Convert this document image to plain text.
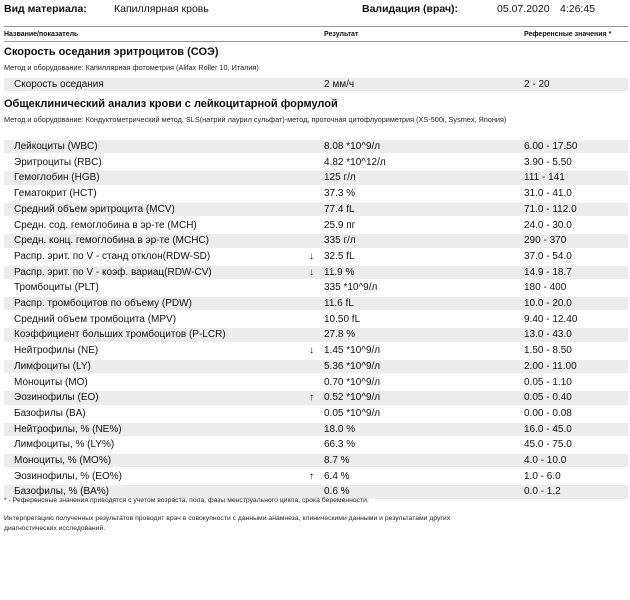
Вид материала:	Капиллярная кровь	Валидация (врач):	05.07.2020 4:26:45
Название/показатель	Результат	Референсные значения *
Скорость оседания эритроцитов (СОЭ)
Метод и оборудование: Капиллярная фотометрия (Alifax Roller 10, Италия)
Скорость оседания	2 мм/ч	2 - 20
Общеклинический анализ крови с лейкоцитарной формулой
Метод и оборудование: Кондуктометрический метод, SLS(натрий лаурил сульфат)-метод, проточная цитофлуориметрия (XS-500i, Sysmex, Япония)
Лейкоциты (WBC)	8.08 *10^9/л	6.00 - 17.50
Эритроциты (RBC)	4.82 *10^12/л	3.90 - 5.50
Гемоглобин (HGB)	125 г/л	111 - 141
Гематокрит (HCT)	37.3 %	31.0 - 41.0
Средний объем эритроцита (MCV)	77.4 fL	71.0 - 112.0
Средн. сод. гемоглобина в эр-те (MCH)	25.9 пг	24.0 - 30.0
Средн. конц. гемоглобина в эр-те (MCHC)	335 г/л	290 - 370
Распр. эрит. по V - станд отклон(RDW-SD)	↓ 32.5 fL	37.0 - 54.0
Распр. эрит. по V - коэф. вариац(RDW-CV)	↓ 11.9 %	14.9 - 18.7
Тромбоциты (PLT)	335 *10^9/л	180 - 400
Распр. тромбоцитов по объему (PDW)	11.6 fL	10.0 - 20.0
Средний объем тромбоцита (MPV)	10.50 fL	9.40 - 12.40
Коэффициент больших тромбоцитов (P-LCR)	27.8 %	13.0 - 43.0
Нейтрофилы (NE)	↓ 1.45 *10^9/л	1.50 - 8.50
Лимфоциты (LY)	5.36 *10^9/л	2.00 - 11.00
Моноциты (MO)	0.70 *10^9/л	0.05 - 1.10
Эозинофилы (EO)	↑ 0.52 *10^9/л	0.05 - 0.40
Базофилы (BA)	0.05 *10^9/л	0.00 - 0.08
Нейтрофилы, % (NE%)	18.0 %	16.0 - 45.0
Лимфоциты, % (LY%)	66.3 %	45.0 - 75.0
Моноциты, % (MO%)	8.7 %	4.0 - 10.0
Эозинофилы, % (EO%)	↑ 6.4 %	1.0 - 6.0
Базофилы, % (BA%)	0.6 %	0.0 - 1.2
* - Референсные значения приводятся с учетом возраста, пола, фазы менструального цикла, срока беременности.
Интерпретацию полученных результатов проводит врач в совокупности с данными анамнеза, клиническими данными и результатами других диагностических исследований.
